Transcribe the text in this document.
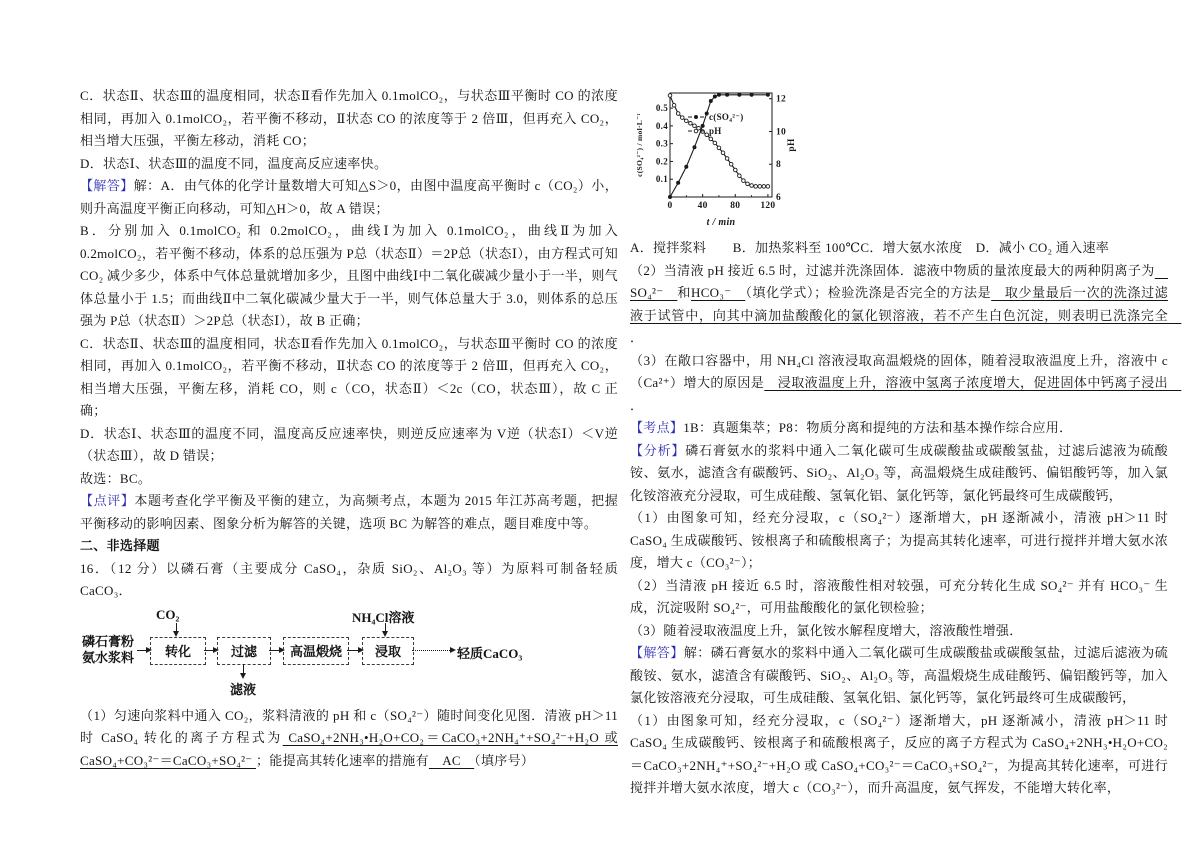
C．状态Ⅱ、状态Ⅲ的温度相同，状态Ⅱ看作先加入 0.1molCO₂，与状态Ⅲ平衡时 CO 的浓度相同，再加入 0.1molCO₂，若平衡不移动，Ⅱ状态 CO 的浓度等于 2 倍Ⅲ，但再充入 CO₂，相当增大压强，平衡左移动，消耗 CO；

D．状态Ⅰ、状态Ⅲ的温度不同，温度高反应速率快。

【解答】解：A．由气体的化学计量数增大可知△S＞0，由图中温度高平衡时 c（CO₂）小，则升高温度平衡正向移动，可知△H＞0，故 A 错误；

B．分别加入 0.1molCO₂ 和 0.2molCO₂，曲线Ⅰ为加入 0.1molCO₂，曲线Ⅱ为加入 0.2molCO₂，若平衡不移动，体系的总压强为 P总（状态Ⅱ）＝2P总（状态Ⅰ），由方程式可知 CO₂ 减少多少，体系中气体总量就增加多少，且图中曲线Ⅰ中二氧化碳减少量小于一半，则气体总量小于 1.5；而曲线Ⅱ中二氧化碳减少量大于一半，则气体总量大于 3.0，则体系的总压强为 P总（状态Ⅱ）＞2P总（状态Ⅰ），故 B 正确；

C．状态Ⅱ、状态Ⅲ的温度相同，状态Ⅱ看作先加入 0.1molCO₂，与状态Ⅲ平衡时 CO 的浓度相同，再加入 0.1molCO₂，若平衡不移动，Ⅱ状态 CO 的浓度等于 2 倍Ⅲ，但再充入 CO₂，相当增大压强，平衡左移，消耗 CO，则 c（CO，状态Ⅱ）＜2c（CO，状态Ⅲ），故 C 正确；

D．状态Ⅰ、状态Ⅲ的温度不同，温度高反应速率快，则逆反应速率为 V逆（状态Ⅰ）＜V逆（状态Ⅲ），故 D 错误；

故选：BC。

【点评】本题考查化学平衡及平衡的建立，为高频考点，本题为 2015 年江苏高考题，把握平衡移动的影响因素、图象分析为解答的关键，选项 BC 为解答的难点，题目难度中等。

二、非选择题

16．（12 分）以磷石膏（主要成分 CaSO₄，杂质 SiO₂、Al₂O₃ 等）为原料可制备轻质 CaCO₃．

CO₂	NH₄Cl溶液
磷石膏粉
氨水浆料	转化	过滤	高温煅烧	浸取	轻质CaCO₃
滤液

（1）匀速向浆料中通入 CO₂，浆料清液的 pH 和 c（SO₄²⁻）随时间变化见图．清液 pH＞11 时 CaSO₄ 转化的离子方程式为 CaSO₄+2NH₃•H₂O+CO₂＝CaCO₃+2NH₄⁺+SO₄²⁻+H₂O 或 CaSO₄+CO₃²⁻＝CaCO₃+SO₄²⁻ ；能提高其转化速率的措施有　AC　（填序号）

0.1
0.2
0.3
0.4
0.5
6
8
10
12
0	40 80 120
c(SO₄²⁻) / mol·L⁻¹	pH
t / min
c(SO₄²⁻)
pH

A．搅拌浆料　　B．加热浆料至 100℃C．增大氨水浓度　D．减小 CO₂ 通入速率

（2）当清液 pH 接近 6.5 时，过滤并洗涤固体．滤液中物质的量浓度最大的两种阴离子为　SO₄²⁻　和HCO₃⁻　（填化学式）；检验洗涤是否完全的方法是　取少量最后一次的洗涤过滤液于试管中，向其中滴加盐酸酸化的氯化钡溶液，若不产生白色沉淀，则表明已洗涤完全　．

（3）在敞口容器中，用 NH₄Cl 溶液浸取高温煅烧的固体，随着浸取液温度上升，溶液中 c（Ca²⁺）增大的原因是　浸取液温度上升，溶液中氢离子浓度增大，促进固体中钙离子浸出　．

【考点】1B：真题集萃；P8：物质分离和提纯的方法和基本操作综合应用．

【分析】磷石膏氨水的浆料中通入二氧化碳可生成碳酸盐或碳酸氢盐，过滤后滤液为硫酸铵、氨水，滤渣含有碳酸钙、SiO₂、Al₂O₃ 等，高温煅烧生成硅酸钙、偏铝酸钙等，加入氯化铵溶液充分浸取，可生成硅酸、氢氧化铝、氯化钙等，氯化钙最终可生成碳酸钙，

（1）由图象可知，经充分浸取，c（SO₄²⁻）逐渐增大，pH 逐渐减小，清液 pH＞11 时 CaSO₄ 生成碳酸钙、铵根离子和硫酸根离子；为提高其转化速率，可进行搅拌并增大氨水浓度，增大 c（CO₃²⁻）；

（2）当清液 pH 接近 6.5 时，溶液酸性相对较强，可充分转化生成 SO₄²⁻ 并有 HCO₃⁻ 生成，沉淀吸附 SO₄²⁻，可用盐酸酸化的氯化钡检验；

（3）随着浸取液温度上升，氯化铵水解程度增大，溶液酸性增强．

【解答】解：磷石膏氨水的浆料中通入二氧化碳可生成碳酸盐或碳酸氢盐，过滤后滤液为硫酸铵、氨水，滤渣含有碳酸钙、SiO₂、Al₂O₃ 等，高温煅烧生成硅酸钙、偏铝酸钙等，加入氯化铵溶液充分浸取，可生成硅酸、氢氧化铝、氯化钙等，氯化钙最终可生成碳酸钙，

（1）由图象可知，经充分浸取，c（SO₄²⁻）逐渐增大，pH 逐渐减小，清液 pH＞11 时 CaSO₄ 生成碳酸钙、铵根离子和硫酸根离子，反应的离子方程式为 CaSO₄+2NH₃•H₂O+CO₂＝CaCO₃+2NH₄⁺+SO₄²⁻+H₂O 或 CaSO₄+CO₃²⁻＝CaCO₃+SO₄²⁻，为提高其转化速率，可进行搅拌并增大氨水浓度，增大 c（CO₃²⁻），而升高温度，氨气挥发，不能增大转化率，
